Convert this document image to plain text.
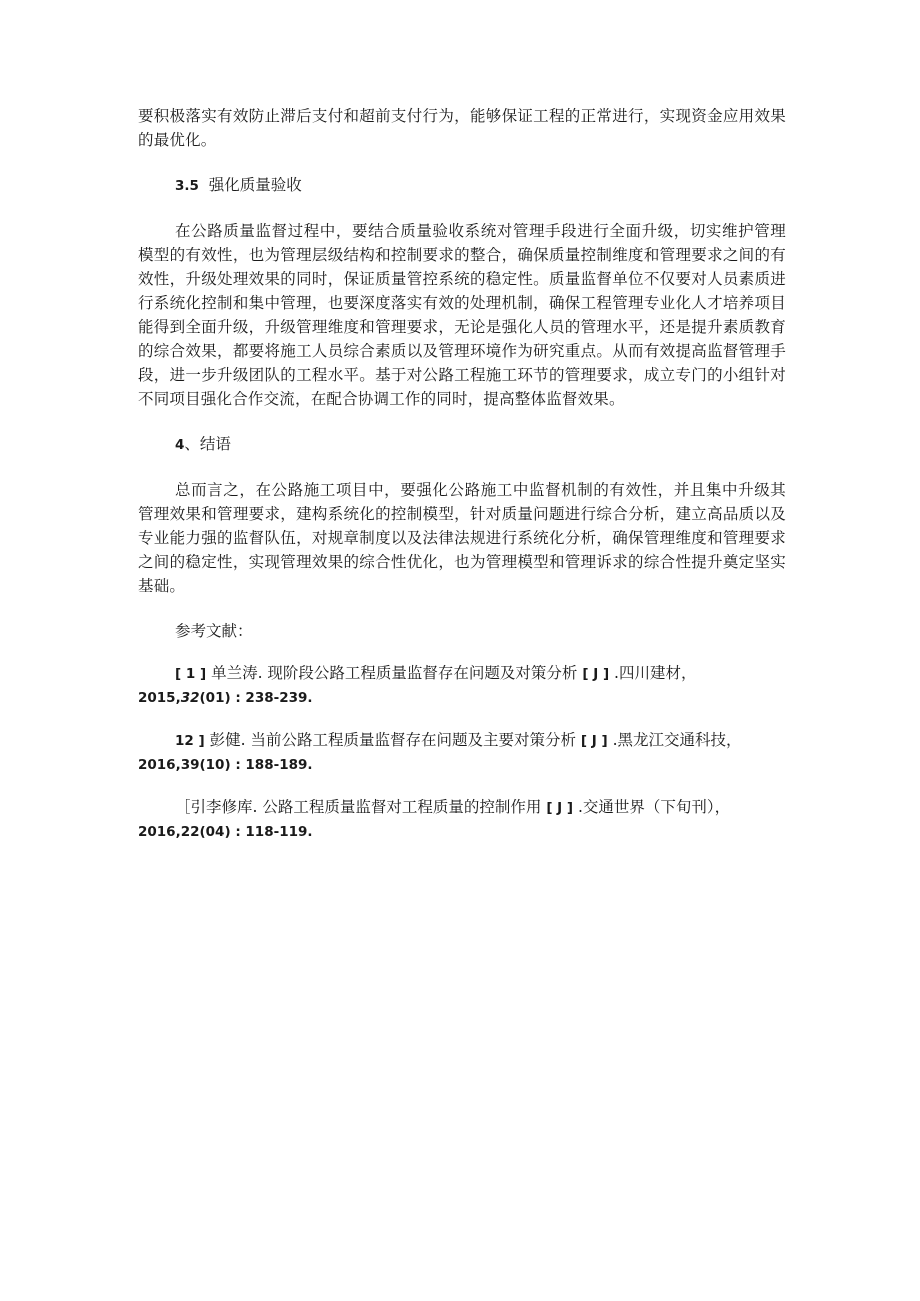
要积极落实有效防止滞后支付和超前支付行为，能够保证工程的正常进行，实现资金应用效果的最优化。

3.5 强化质量验收

在公路质量监督过程中，要结合质量验收系统对管理手段进行全面升级，切实维护管理模型的有效性，也为管理层级结构和控制要求的整合，确保质量控制维度和管理要求之间的有效性，升级处理效果的同时，保证质量管控系统的稳定性。质量监督单位不仅要对人员素质进行系统化控制和集中管理，也要深度落实有效的处理机制，确保工程管理专业化人才培养项目能得到全面升级，升级管理维度和管理要求，无论是强化人员的管理水平，还是提升素质教育的综合效果，都要将施工人员综合素质以及管理环境作为研究重点。从而有效提高监督管理手段，进一步升级团队的工程水平。基于对公路工程施工环节的管理要求，成立专门的小组针对不同项目强化合作交流，在配合协调工作的同时，提高整体监督效果。

4、结语

总而言之，在公路施工项目中，要强化公路施工中监督机制的有效性，并且集中升级其管理效果和管理要求，建构系统化的控制模型，针对质量问题进行综合分析，建立高品质以及专业能力强的监督队伍，对规章制度以及法律法规进行系统化分析，确保管理维度和管理要求之间的稳定性，实现管理效果的综合性优化，也为管理模型和管理诉求的综合性提升奠定坚实基础。

参考文献：

[ 1 ] 单兰涛. 现阶段公路工程质量监督存在问题及对策分析 [ J ] .四川建材，
2015,32(01) : 238-239.

12 ] 彭健. 当前公路工程质量监督存在问题及主要对策分析 [ J ] .黑龙江交通科技，
2016,39(10) : 188-189.

［引李修库. 公路工程质量监督对工程质量的控制作用 [ J ] .交通世界（下旬刊），
2016,22(04) : 118-119.
